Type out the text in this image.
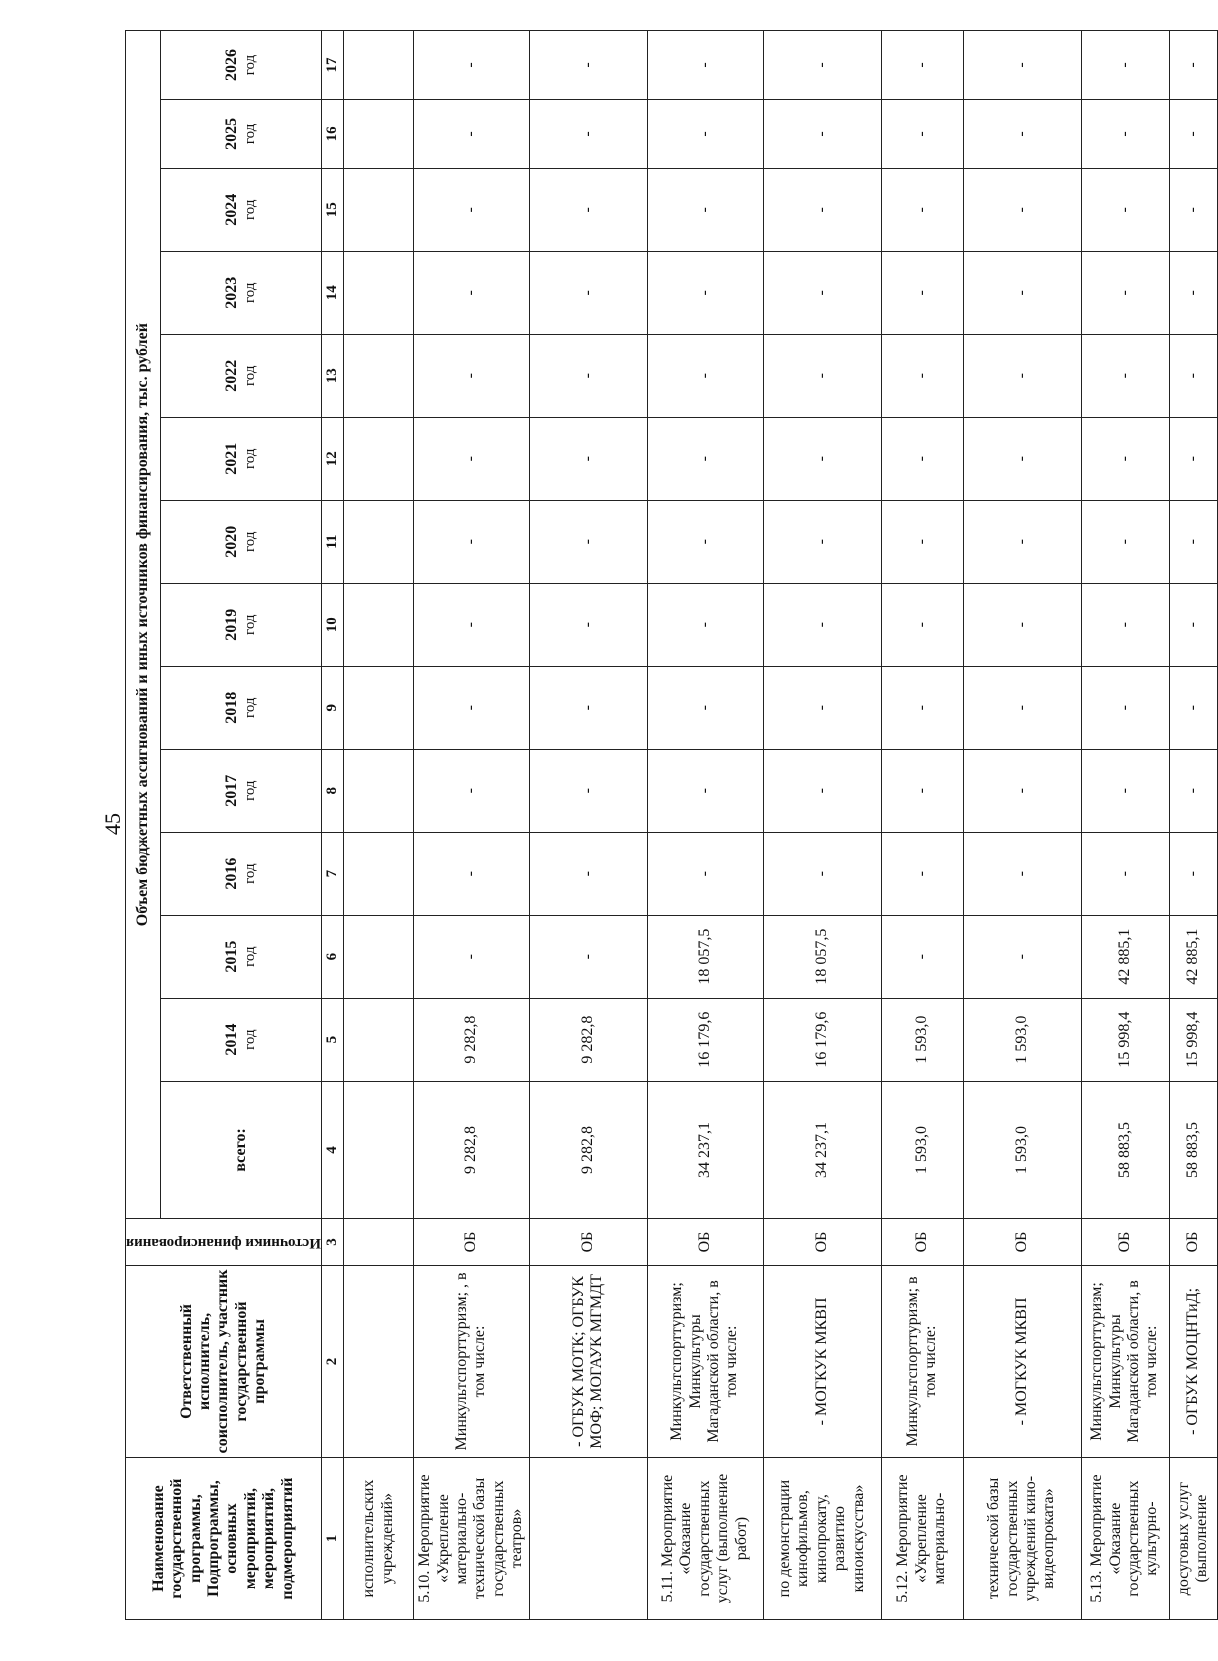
45
Наименование государственной программы, Подпрограммы, основных мероприятий, мероприятий, подмероприятий	Ответственный исполнитель, соисполнитель, участник государственной программы	Источники финансирования	Объем бюджетных ассигнований и иных источников финансирования, тыс. рублей													
			всего:	2014 год	2015 год	2016 год	2017 год	2018 год	2019 год	2020 год	2021 год	2022 год	2023 год	2024 год	2025 год	2026 год

1	2	3	4	5	6	7	8	9	10	11	12	13	14	15	16	17
исполнительских учреждений»																
5.10. Мероприятие «Укрепление материально-технической базы государственных театров»	Минкультспорттуризм; , в том числе:	ОБ	9 282,8	9 282,8	-	-	-	-	-	-	-	-	-	-	-	-
	- ОГБУК МОТК; ОГБУК МОФ; МОГАУК МГМДТ	ОБ	9 282,8	9 282,8	-	-	-	-	-	-	-	-	-	-	-	-
5.11. Мероприятие «Оказание государственных услуг (выполнение работ)	Минкультспорттуризм; Минкультуры Магаданской области, в том числе:	ОБ	34 237,1	16 179,6	18 057,5	-	-	-	-	-	-	-	-	-	-	-
по демонстрации кинофильмов, кинопрокату, развитию киноискусства»	- МОГКУК МКВП	ОБ	34 237,1	16 179,6	18 057,5	-	-	-	-	-	-	-	-	-	-	-
5.12. Мероприятие «Укрепление материально-	Минкультспорттуризм; в том числе:	ОБ	1 593,0	1 593,0	-	-	-	-	-	-	-	-	-	-	-	-
технической базы государственных учреждений кино-видеопроката»	- МОГКУК МКВП	ОБ	1 593,0	1 593,0	-	-	-	-	-	-	-	-	-	-	-	-
5.13. Мероприятие «Оказание государственных культурно-	Минкультспорттуризм; Минкультуры Магаданской области, в том числе:	ОБ	58 883,5	15 998,4	42 885,1	-	-	-	-	-	-	-	-	-	-	-
досуговых услуг (выполнение	- ОГБУК МОЦНТиД;	ОБ	58 883,5	15 998,4	42 885,1	-	-	-	-	-	-	-	-	-	-	-
